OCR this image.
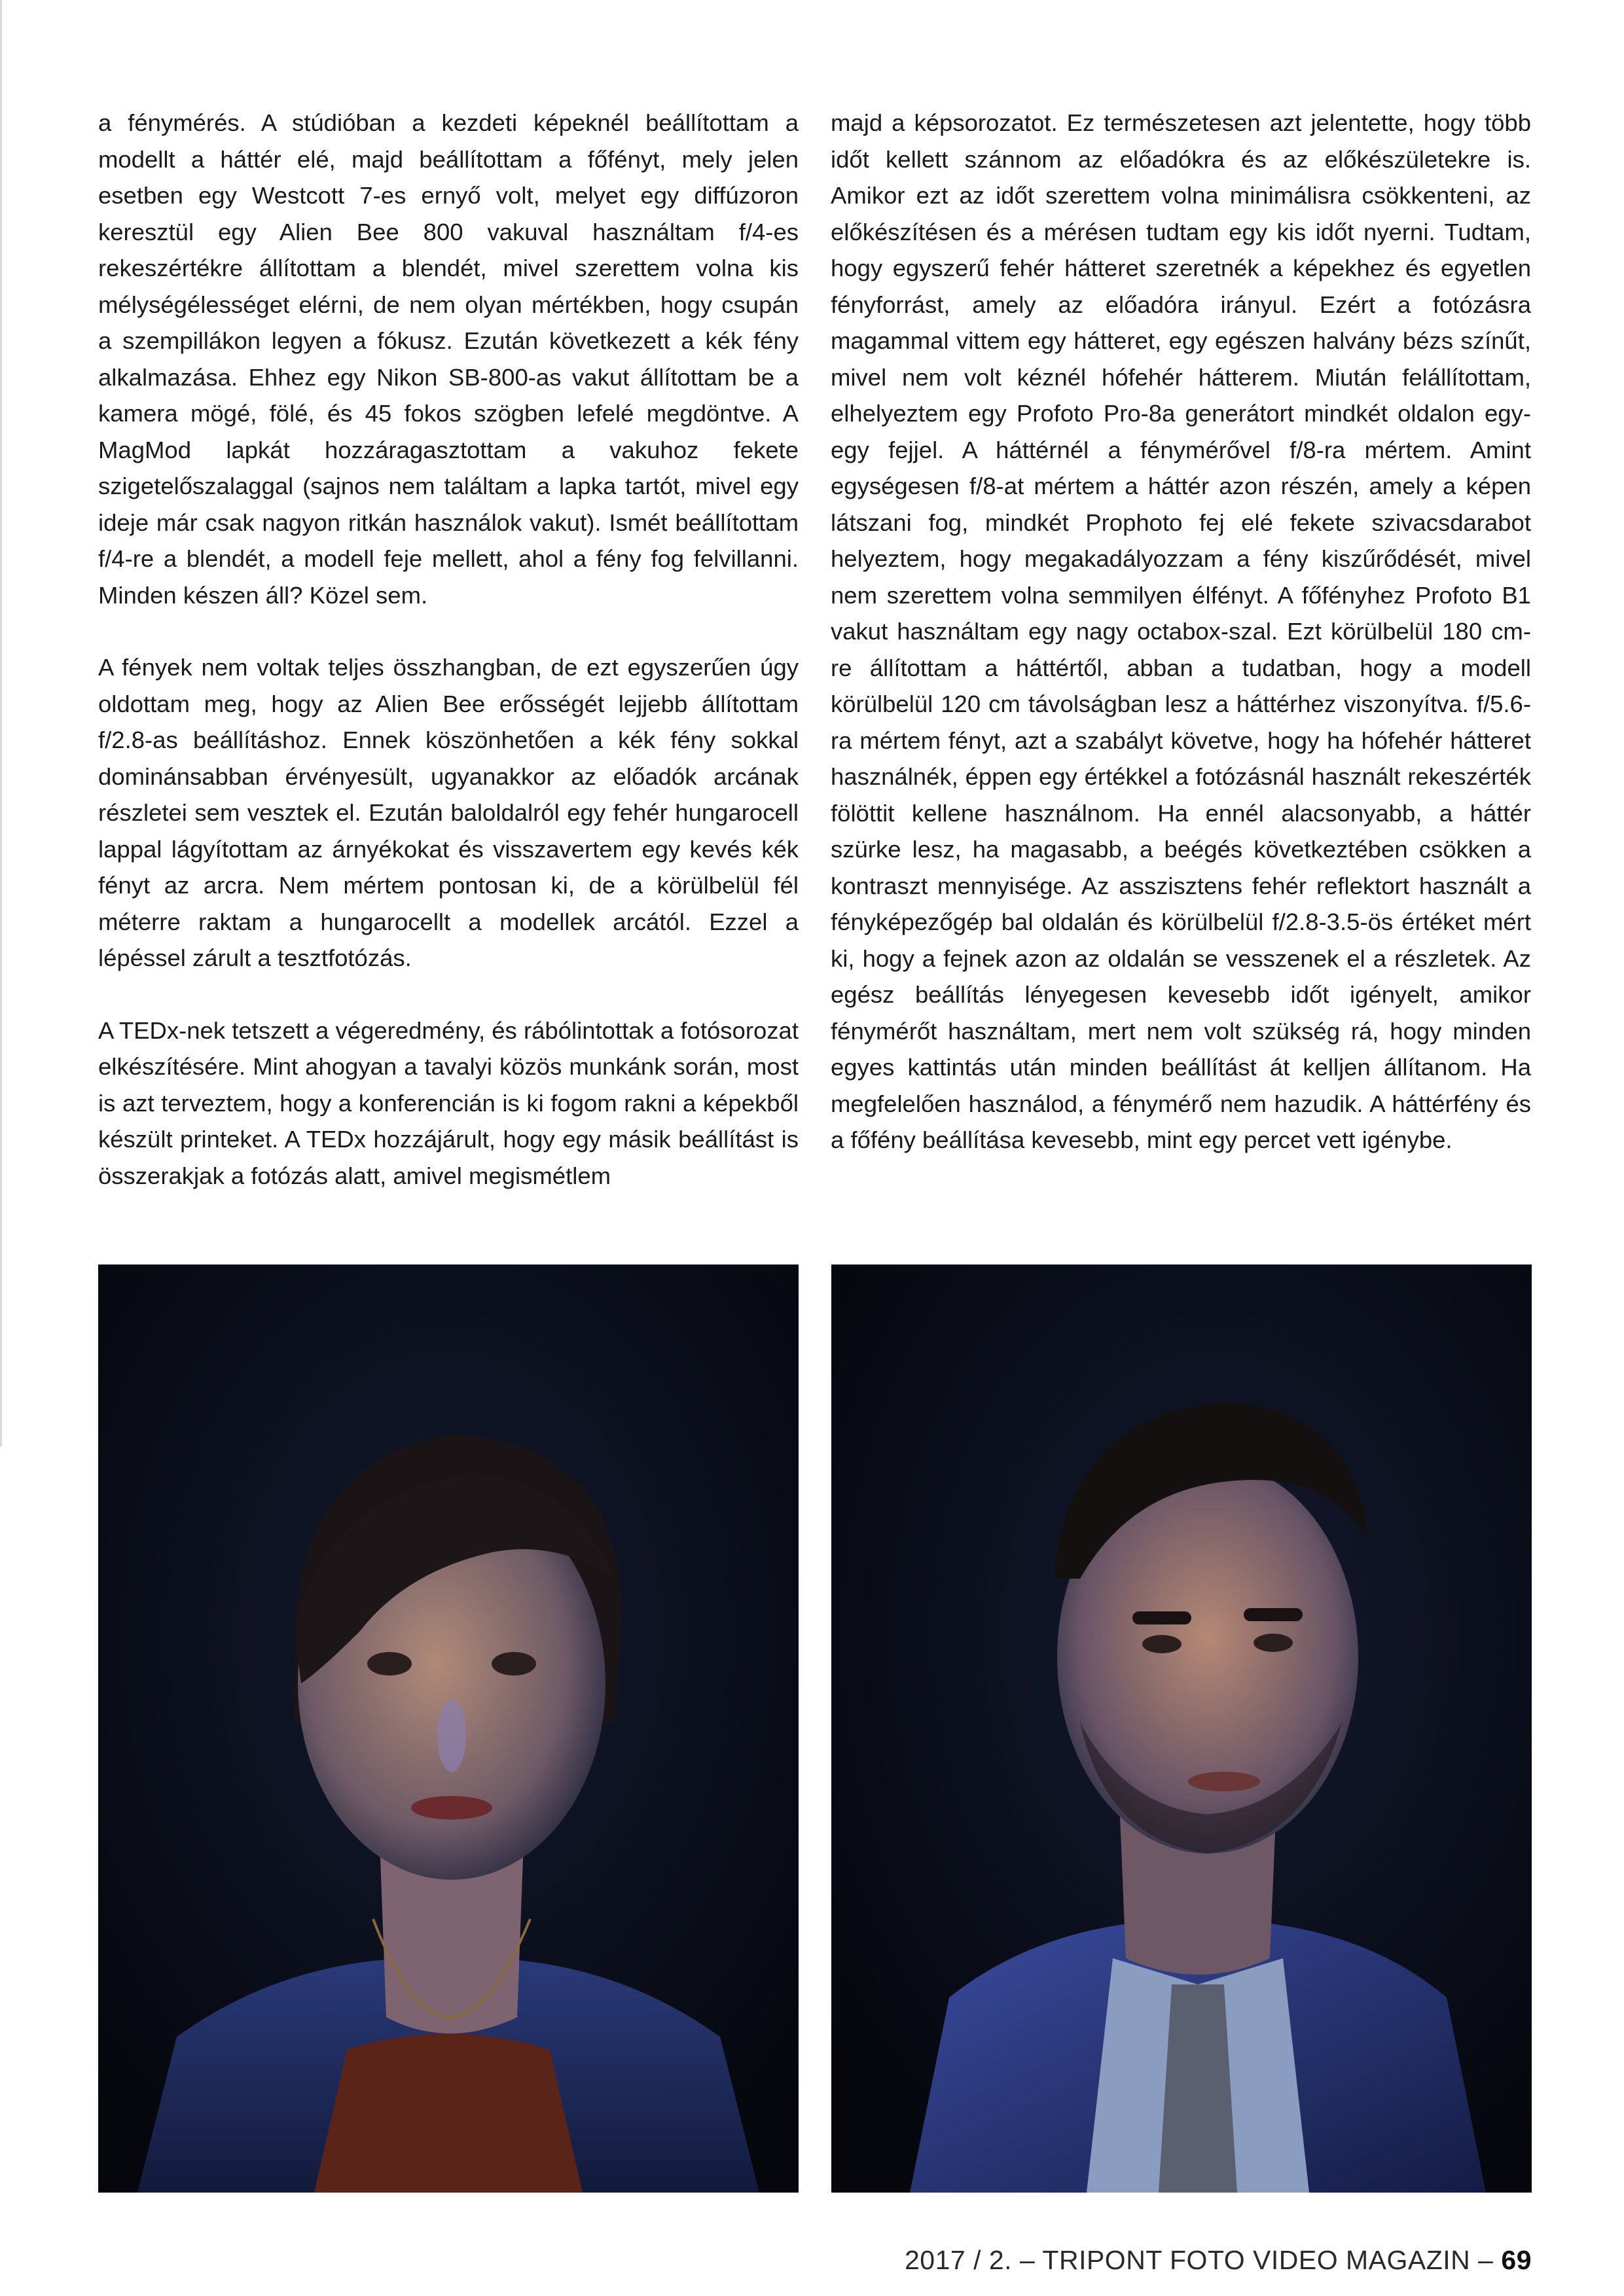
a fénymérés. A stúdióban a kezdeti képeknél beállítottam a modellt a háttér elé, majd beállítottam a főfényt, mely jelen esetben egy Westcott 7-es ernyő volt, melyet egy diffúzoron keresztül egy Alien Bee 800 vakuval használtam f/4-es rekeszértékre állítottam a blendét, mivel szerettem volna kis mélységélességet elérni, de nem olyan mértékben, hogy csupán a szempillákon legyen a fókusz. Ezután következett a kék fény alkalmazása. Ehhez egy Nikon SB-800-as vakut állítottam be a kamera mögé, fölé, és 45 fokos szögben lefelé megdöntve. A MagMod lapkát hozzáragasztottam a vakuhoz fekete szigetelőszalaggal (sajnos nem találtam a lapka tartót, mivel egy ideje már csak nagyon ritkán használok vakut). Ismét beállítottam f/4-re a blendét, a modell feje mellett, ahol a fény fog felvillanni. Minden készen áll? Közel sem.

A fények nem voltak teljes összhangban, de ezt egyszerűen úgy oldottam meg, hogy az Alien Bee erősségét lejjebb állítottam f/2.8-as beállításhoz. Ennek köszönhetően a kék fény sokkal dominánsabban érvényesült, ugyanakkor az előadók arcának részletei sem vesztek el. Ezután baloldalról egy fehér hungarocell lappal lágyítottam az árnyékokat és visszavertem egy kevés kék fényt az arcra. Nem mértem pontosan ki, de a körülbelül fél méterre raktam a hungarocellt a modellek arcától. Ezzel a lépéssel zárult a tesztfotózás.

A TEDx-nek tetszett a végeredmény, és rábólintottak a fotósorozat elkészítésére. Mint ahogyan a tavalyi közös munkánk során, most is azt terveztem, hogy a konferencián is ki fogom rakni a képekből készült printeket. A TEDx hozzájárult, hogy egy másik beállítást is összerakjak a fotózás alatt, amivel megismétlem

majd a képsorozatot. Ez természetesen azt jelentette, hogy több időt kellett szánnom az előadókra és az előkészületekre is. Amikor ezt az időt szerettem volna minimálisra csökkenteni, az előkészítésen és a mérésen tudtam egy kis időt nyerni. Tudtam, hogy egyszerű fehér hátteret szeretnék a képekhez és egyetlen fényforrást, amely az előadóra irányul. Ezért a fotózásra magammal vittem egy hátteret, egy egészen halvány bézs színűt, mivel nem volt kéznél hófehér hátterem. Miután felállítottam, elhelyeztem egy Profoto Pro-8a generátort mindkét oldalon egy-egy fejjel. A háttérnél a fénymérővel f/8-ra mértem. Amint egységesen f/8-at mértem a háttér azon részén, amely a képen látszani fog, mindkét Prophoto fej elé fekete szivacsdarabot helyeztem, hogy megakadályozzam a fény kiszűrődését, mivel nem szerettem volna semmilyen élfényt. A főfényhez Profoto B1 vakut használtam egy nagy octabox-szal. Ezt körülbelül 180 cm-re állítottam a háttértől, abban a tudatban, hogy a modell körülbelül 120 cm távolságban lesz a háttérhez viszonyítva. f/5.6-ra mértem fényt, azt a szabályt követve, hogy ha hófehér hátteret használnék, éppen egy értékkel a fotózásnál használt rekeszérték fölöttit kellene használnom. Ha ennél alacsonyabb, a háttér szürke lesz, ha magasabb, a beégés következtében csökken a kontraszt mennyisége. Az asszisztens fehér reflektort használt a fényképezőgép bal oldalán és körülbelül f/2.8-3.5-ös értéket mért ki, hogy a fejnek azon az oldalán se vesszenek el a részletek. Az egész beállítás lényegesen kevesebb időt igényelt, amikor fénymérőt használtam, mert nem volt szükség rá, hogy minden egyes kattintás után minden beállítást át kelljen állítanom. Ha megfelelően használod, a fénymérő nem hazudik. A háttérfény és a főfény beállítása kevesebb, mint egy percet vett igénybe.

2017 / 2. – TRIPONT FOTO VIDEO MAGAZIN – 69
